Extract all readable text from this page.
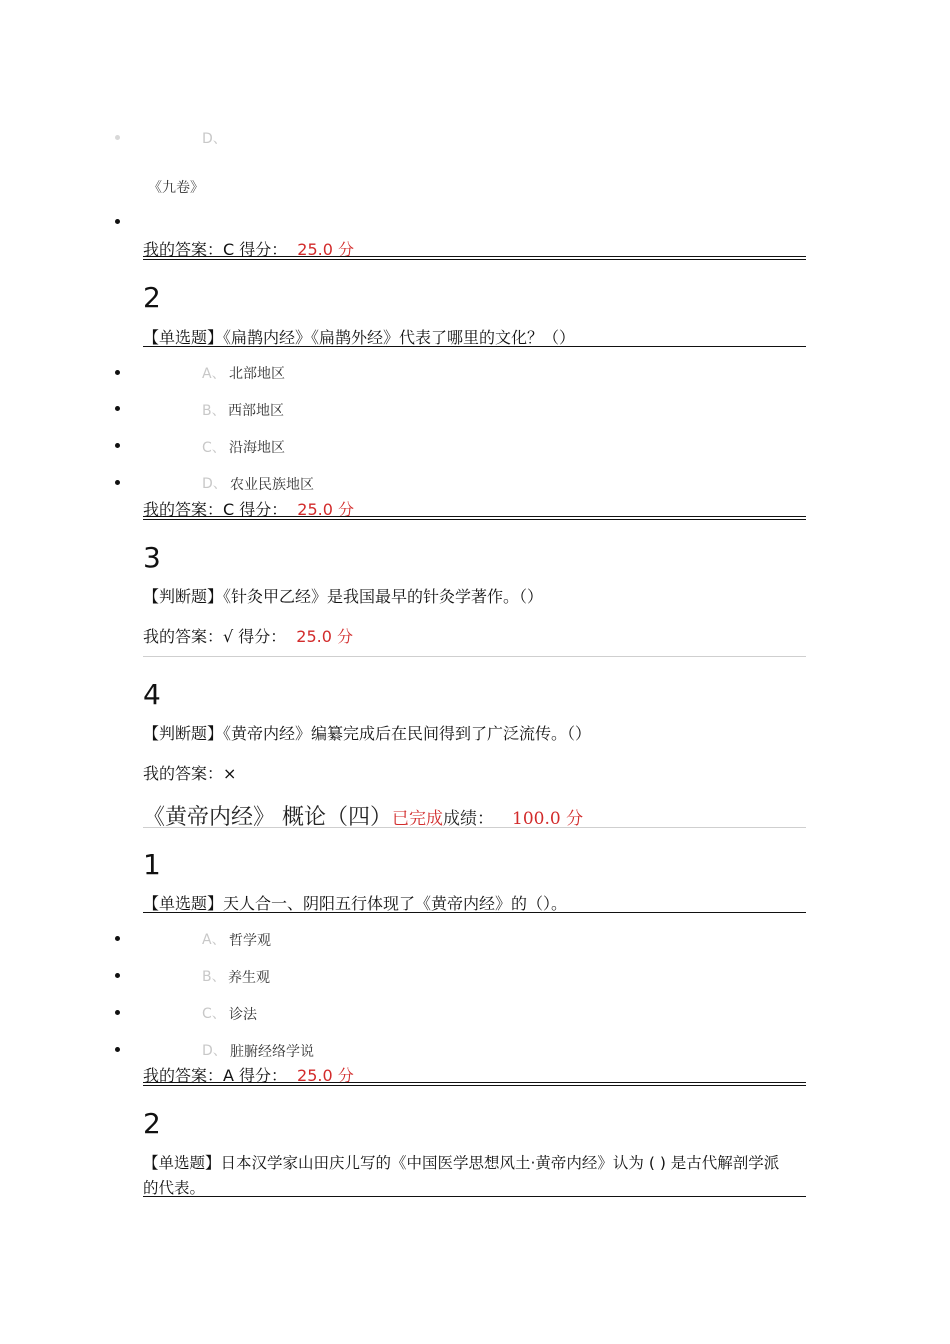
D、
《九卷》
我的答案：C 得分： 25.0 分
2
【单选题】《扁鹊内经》《扁鹊外经》代表了哪里的文化？（）
A、 北部地区
B、 西部地区
C、 沿海地区
D、 农业民族地区
我的答案：C 得分： 25.0 分
3
【判断题】《针灸甲乙经》是我国最早的针灸学著作。（）
我的答案：√ 得分： 25.0 分
4
【判断题】《黄帝内经》编纂完成后在民间得到了广泛流传。（）
我的答案：×
《黄帝内经》 概论（四）已完成成绩： 100.0 分
1
【单选题】天人合一、阴阳五行体现了《黄帝内经》的（）。
A、 哲学观
B、 养生观
C、 诊法
D、 脏腑经络学说
我的答案：A 得分： 25.0 分
2
【单选题】日本汉学家山田庆儿写的《中国医学思想风土·黄帝内经》认为 ( ) 是古代解剖学派
的代表。
